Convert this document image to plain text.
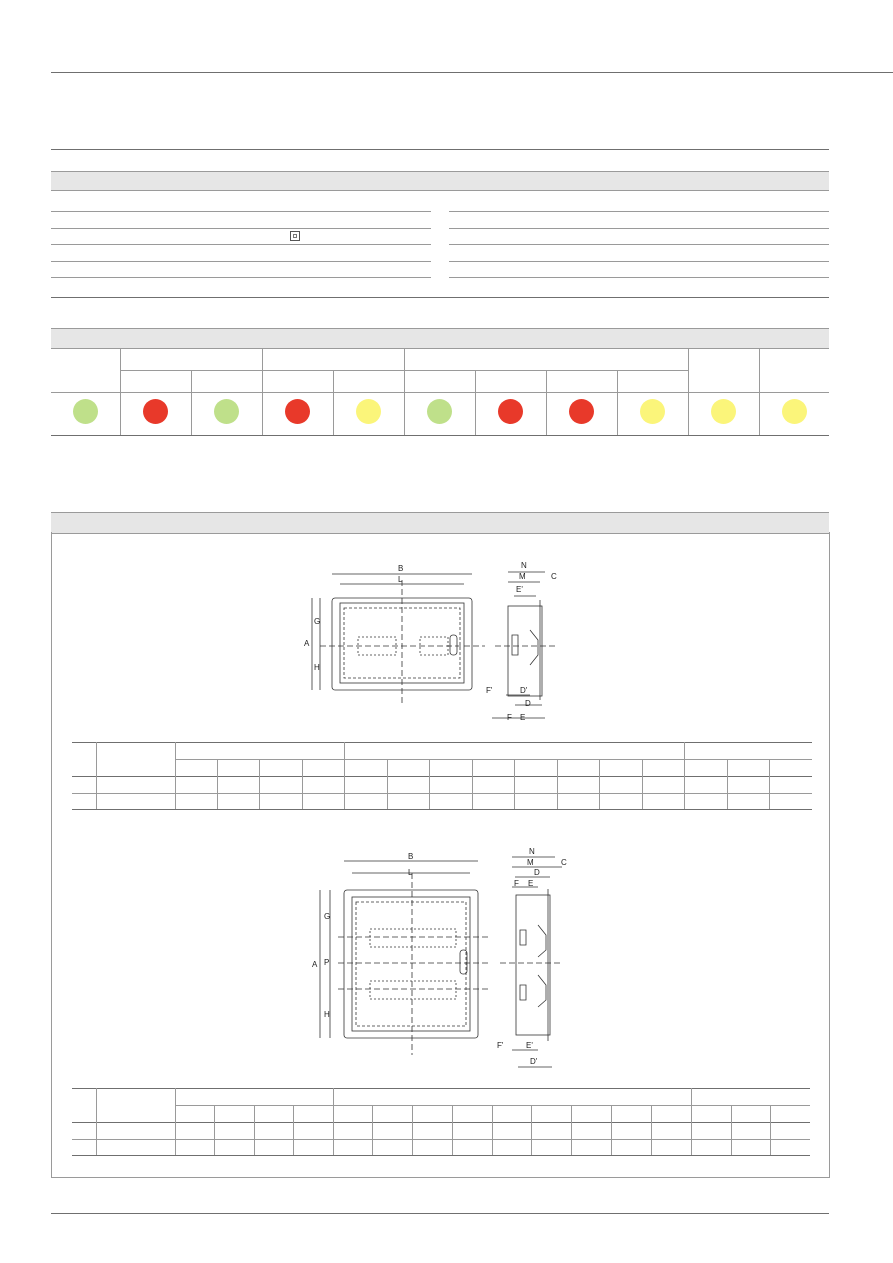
B
L
A
G
H
N
M	C
E'
F'	D'
D
F E
B
L
A
G
P
H
N
M	C
D
F E
F'	E'
D'
